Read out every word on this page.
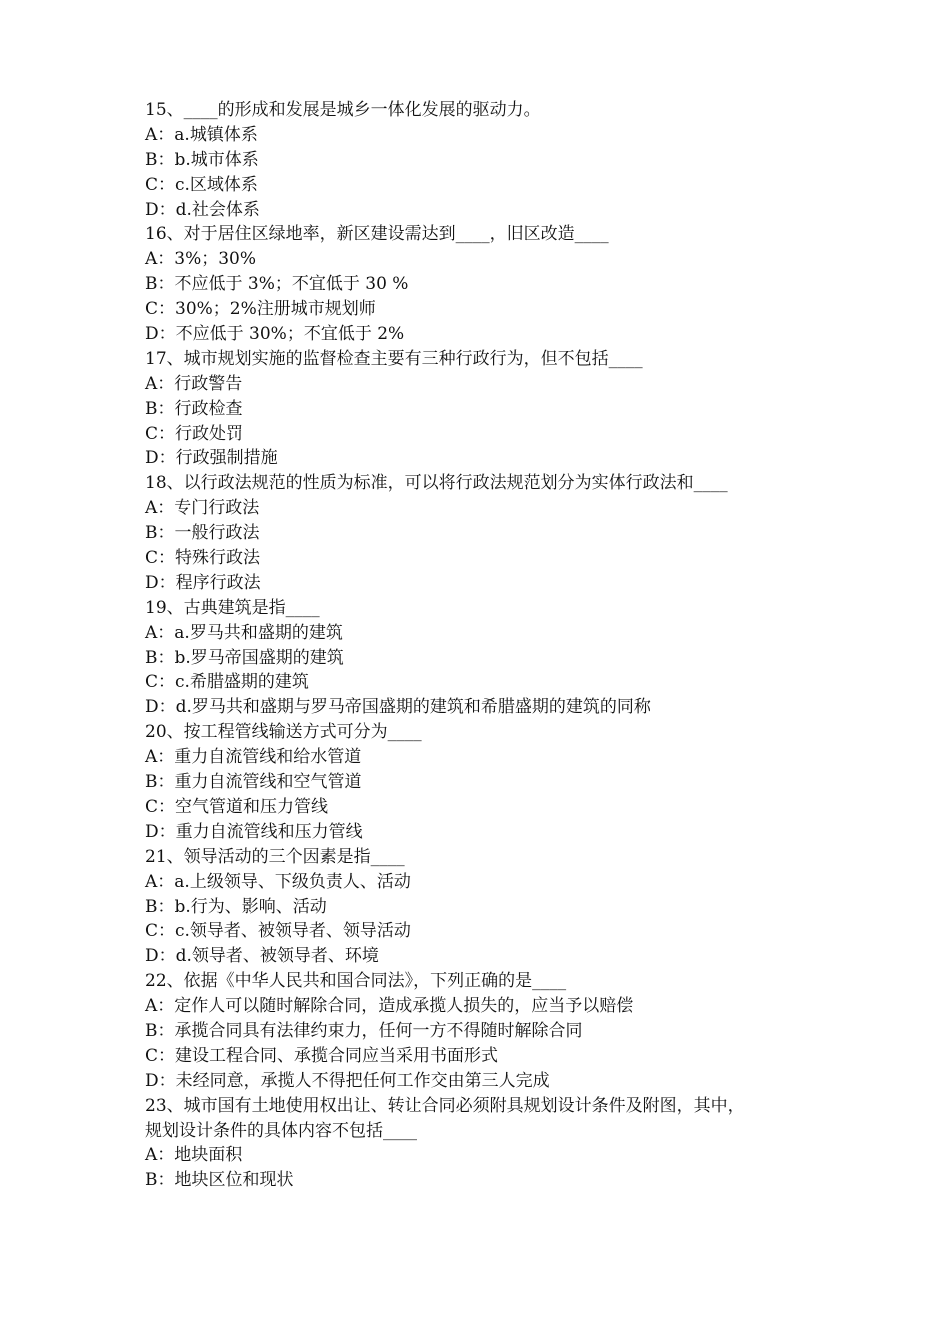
15、____的形成和发展是城乡一体化发展的驱动力。
A：a.城镇体系
B：b.城市体系
C：c.区域体系
D：d.社会体系
16、对于居住区绿地率，新区建设需达到____，旧区改造____
A：3%；30%
B：不应低于 3%；不宜低于 30 %
C：30%；2%注册城市规划师
D：不应低于 30%；不宜低于 2%
17、城市规划实施的监督检查主要有三种行政行为，但不包括____
A：行政警告
B：行政检查
C：行政处罚
D：行政强制措施
18、以行政法规范的性质为标准，可以将行政法规范划分为实体行政法和____
A：专门行政法
B：一般行政法
C：特殊行政法
D：程序行政法
19、古典建筑是指____
A：a.罗马共和盛期的建筑
B：b.罗马帝国盛期的建筑
C：c.希腊盛期的建筑
D：d.罗马共和盛期与罗马帝国盛期的建筑和希腊盛期的建筑的同称
20、按工程管线输送方式可分为____
A：重力自流管线和给水管道
B：重力自流管线和空气管道
C：空气管道和压力管线
D：重力自流管线和压力管线
21、领导活动的三个因素是指____
A：a.上级领导、下级负责人、活动
B：b.行为、影响、活动
C：c.领导者、被领导者、领导活动
D：d.领导者、被领导者、环境
22、依据《中华人民共和国合同法》，下列正确的是____
A：定作人可以随时解除合同，造成承揽人损失的，应当予以赔偿
B：承揽合同具有法律约束力，任何一方不得随时解除合同
C：建设工程合同、承揽合同应当采用书面形式
D：未经同意，承揽人不得把任何工作交由第三人完成
23、城市国有土地使用权出让、转让合同必须附具规划设计条件及附图，其中，
规划设计条件的具体内容不包括____
A：地块面积
B：地块区位和现状
